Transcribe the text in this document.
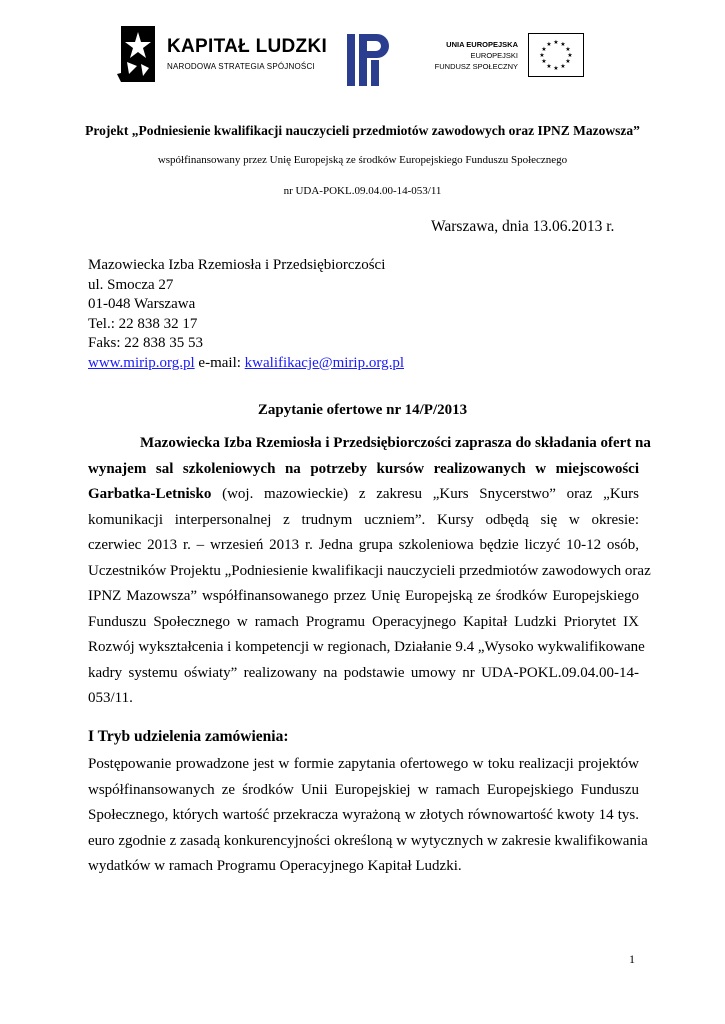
KAPITAŁ LUDZKI
NARODOWA STRATEGIA SPÓJNOŚCI
UNIA EUROPEJSKA
EUROPEJSKI
FUNDUSZ SPOŁECZNY
★ ★
★
★
★
★
★
★
★
★
★
★
Projekt „Podniesienie kwalifikacji nauczycieli przedmiotów zawodowych oraz IPNZ Mazowsza”
współfinansowany przez Unię Europejską ze środków Europejskiego Funduszu Społecznego
nr UDA-POKL.09.04.00-14-053/11
Warszawa, dnia 13.06.2013 r.
Mazowiecka Izba Rzemiosła i Przedsiębiorczości
ul. Smocza 27
01-048 Warszawa
Tel.: 22 838 32 17
Faks: 22 838 35 53
www.mirip.org.pl e-mail: kwalifikacje@mirip.org.pl
Zapytanie ofertowe nr 14/P/2013
Mazowiecka Izba Rzemiosła i Przedsiębiorczości zaprasza do składania ofert na
wynajem sal szkoleniowych na potrzeby kursów realizowanych w miejscowości
Garbatka-Letnisko (woj. mazowieckie) z zakresu „Kurs Snycerstwo” oraz „Kurs
komunikacji interpersonalnej z trudnym uczniem”. Kursy odbędą się w okresie:
czerwiec 2013 r. – wrzesień 2013 r. Jedna grupa szkoleniowa będzie liczyć 10-12 osób,
Uczestników Projektu „Podniesienie kwalifikacji nauczycieli przedmiotów zawodowych oraz
IPNZ Mazowsza” współfinansowanego przez Unię Europejską ze środków Europejskiego
Funduszu Społecznego w ramach Programu Operacyjnego Kapitał Ludzki Priorytet IX
Rozwój wykształcenia i kompetencji w regionach, Działanie 9.4 „Wysoko wykwalifikowane
kadry systemu oświaty” realizowany na podstawie umowy nr UDA-POKL.09.04.00-14-
053/11.
I Tryb udzielenia zamówienia:
Postępowanie prowadzone jest w formie zapytania ofertowego w toku realizacji projektów
współfinansowanych ze środków Unii Europejskiej w ramach Europejskiego Funduszu
Społecznego, których wartość przekracza wyrażoną w złotych równowartość kwoty 14 tys.
euro zgodnie z zasadą konkurencyjności określoną w wytycznych w zakresie kwalifikowania
wydatków w ramach Programu Operacyjnego Kapitał Ludzki.
1
